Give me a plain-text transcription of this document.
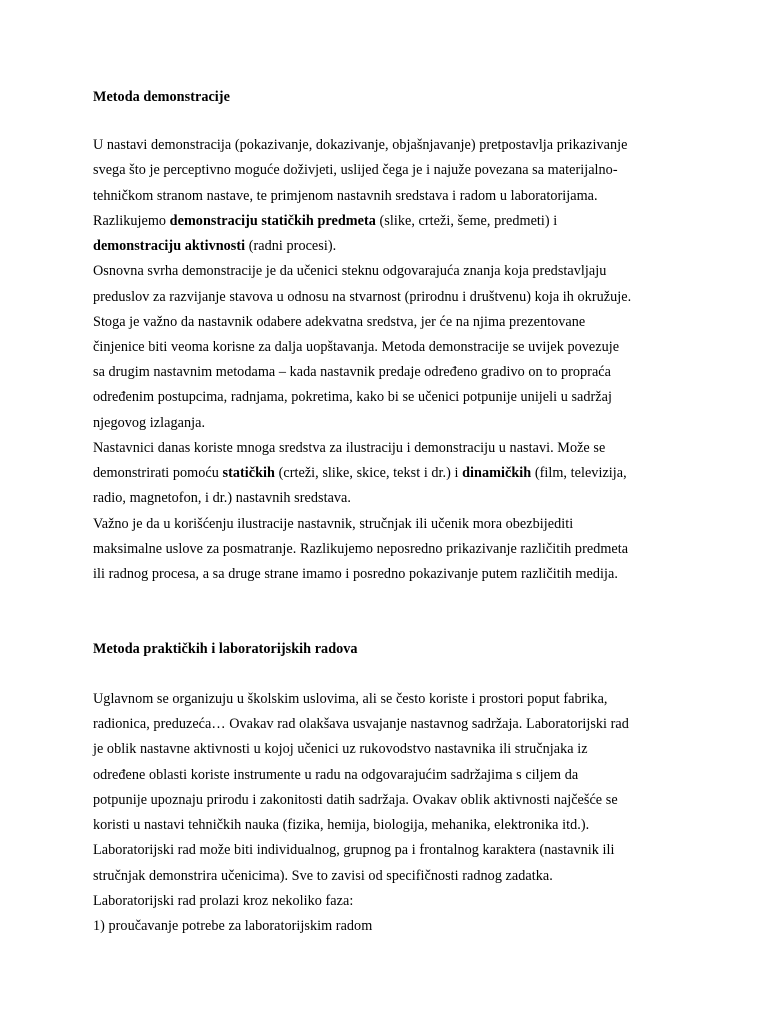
Metoda demonstracije
U nastavi demonstracija (pokazivanje, dokazivanje, objašnjavanje) pretpostavlja prikazivanje
svega što je perceptivno moguće doživjeti, uslijed čega je i najuže povezana sa materijalno-
tehničkom stranom nastave, te primjenom nastavnih sredstava i radom u laboratorijama.
Razlikujemo demonstraciju statičkih predmeta (slike, crteži, šeme, predmeti) i
demonstraciju aktivnosti (radni procesi).
Osnovna svrha demonstracije je da učenici steknu odgovarajuća znanja koja predstavljaju
preduslov za razvijanje stavova u odnosu na stvarnost (prirodnu i društvenu) koja ih okružuje.
Stoga je važno da nastavnik odabere adekvatna sredstva, jer će na njima prezentovane
činjenice biti veoma korisne za dalja uopštavanja. Metoda demonstracije se uvijek povezuje
sa drugim nastavnim metodama – kada nastavnik predaje određeno gradivo on to propraća
određenim postupcima, radnjama, pokretima, kako bi se učenici potpunije unijeli u sadržaj
njegovog izlaganja.
Nastavnici danas koriste mnoga sredstva za ilustraciju i demonstraciju u nastavi. Može se
demonstrirati pomoću statičkih (crteži, slike, skice, tekst i dr.) i dinamičkih (film, televizija,
radio, magnetofon, i dr.) nastavnih sredstava.
Važno je da u korišćenju ilustracije nastavnik, stručnjak ili učenik mora obezbijediti
maksimalne uslove za posmatranje. Razlikujemo neposredno prikazivanje različitih predmeta
ili radnog procesa, a sa druge strane imamo i posredno pokazivanje putem različitih medija.
Metoda praktičkih i laboratorijskih radova
Uglavnom se organizuju u školskim uslovima, ali se često koriste i prostori poput fabrika,
radionica, preduzeća… Ovakav rad olakšava usvajanje nastavnog sadržaja. Laboratorijski rad
je oblik nastavne aktivnosti u kojoj učenici uz rukovodstvo nastavnika ili stručnjaka iz
određene oblasti koriste instrumente u radu na odgovarajućim sadržajima s ciljem da
potpunije upoznaju prirodu i zakonitosti datih sadržaja. Ovakav oblik aktivnosti najčešće se
koristi u nastavi tehničkih nauka (fizika, hemija, biologija, mehanika, elektronika itd.).
Laboratorijski rad može biti individualnog, grupnog pa i frontalnog karaktera (nastavnik ili
stručnjak demonstrira učenicima). Sve to zavisi od specifičnosti radnog zadatka.
Laboratorijski rad prolazi kroz nekoliko faza:
1) proučavanje potrebe za laboratorijskim radom
